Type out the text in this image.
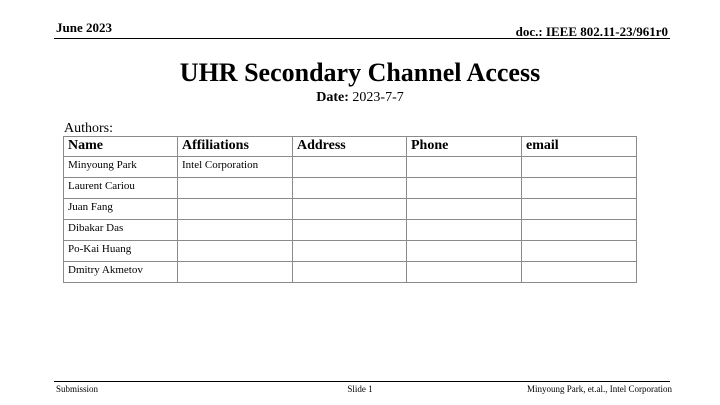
June 2023	doc.: IEEE 802.11-23/961r0
UHR Secondary Channel Access
Date: 2023-7-7
Authors:
Name	Affiliations	Address	Phone	email
Minyoung Park	Intel Corporation			
Laurent Cariou				
Juan Fang				
Dibakar Das				
Po-Kai Huang				
Dmitry Akmetov				
Submission	Slide 1	Minyoung Park, et.al., Intel Corporation
